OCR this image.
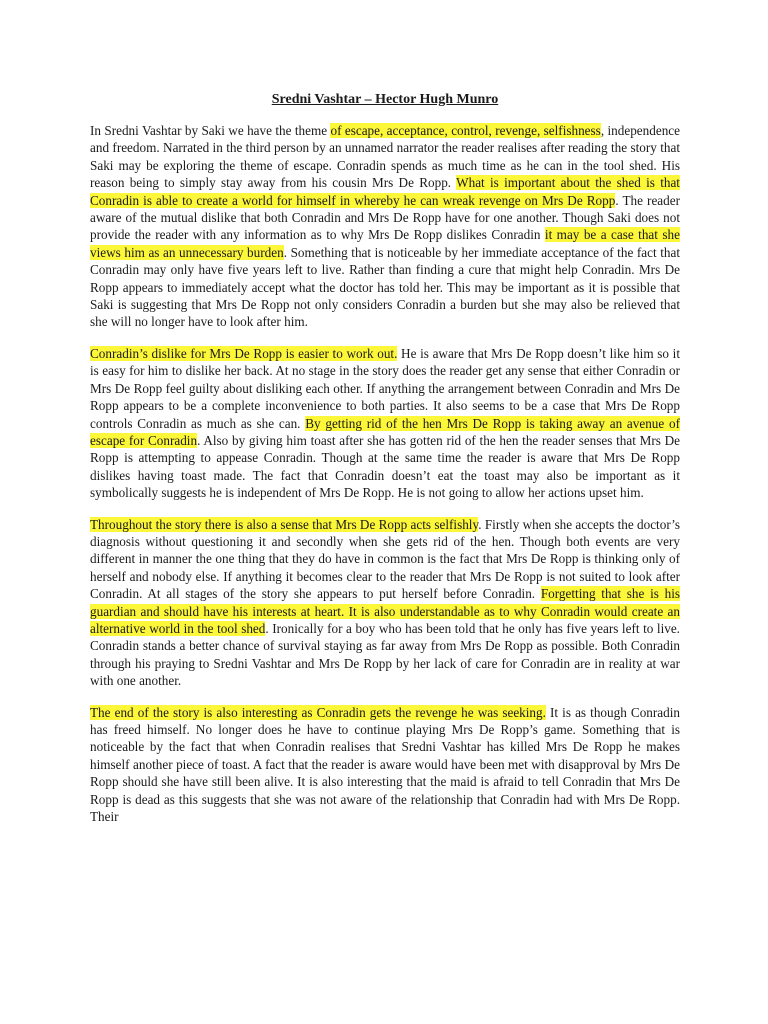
Sredni Vashtar – Hector Hugh Munro

In Sredni Vashtar by Saki we have the theme of escape, acceptance, control, revenge, selfishness, independence and freedom. Narrated in the third person by an unnamed narrator the reader realises after reading the story that Saki may be exploring the theme of escape. Conradin spends as much time as he can in the tool shed. His reason being to simply stay away from his cousin Mrs De Ropp. What is important about the shed is that Conradin is able to create a world for himself in whereby he can wreak revenge on Mrs De Ropp. The reader aware of the mutual dislike that both Conradin and Mrs De Ropp have for one another. Though Saki does not provide the reader with any information as to why Mrs De Ropp dislikes Conradin it may be a case that she views him as an unnecessary burden. Something that is noticeable by her immediate acceptance of the fact that Conradin may only have five years left to live. Rather than finding a cure that might help Conradin. Mrs De Ropp appears to immediately accept what the doctor has told her. This may be important as it is possible that Saki is suggesting that Mrs De Ropp not only considers Conradin a burden but she may also be relieved that she will no longer have to look after him.

Conradin’s dislike for Mrs De Ropp is easier to work out. He is aware that Mrs De Ropp doesn’t like him so it is easy for him to dislike her back. At no stage in the story does the reader get any sense that either Conradin or Mrs De Ropp feel guilty about disliking each other. If anything the arrangement between Conradin and Mrs De Ropp appears to be a complete inconvenience to both parties. It also seems to be a case that Mrs De Ropp controls Conradin as much as she can. By getting rid of the hen Mrs De Ropp is taking away an avenue of escape for Conradin. Also by giving him toast after she has gotten rid of the hen the reader senses that Mrs De Ropp is attempting to appease Conradin. Though at the same time the reader is aware that Mrs De Ropp dislikes having toast made. The fact that Conradin doesn’t eat the toast may also be important as it symbolically suggests he is independent of Mrs De Ropp. He is not going to allow her actions upset him.

Throughout the story there is also a sense that Mrs De Ropp acts selfishly. Firstly when she accepts the doctor’s diagnosis without questioning it and secondly when she gets rid of the hen. Though both events are very different in manner the one thing that they do have in common is the fact that Mrs De Ropp is thinking only of herself and nobody else. If anything it becomes clear to the reader that Mrs De Ropp is not suited to look after Conradin. At all stages of the story she appears to put herself before Conradin. Forgetting that she is his guardian and should have his interests at heart. It is also understandable as to why Conradin would create an alternative world in the tool shed. Ironically for a boy who has been told that he only has five years left to live. Conradin stands a better chance of survival staying as far away from Mrs De Ropp as possible. Both Conradin through his praying to Sredni Vashtar and Mrs De Ropp by her lack of care for Conradin are in reality at war with one another.

The end of the story is also interesting as Conradin gets the revenge he was seeking. It is as though Conradin has freed himself. No longer does he have to continue playing Mrs De Ropp’s game. Something that is noticeable by the fact that when Conradin realises that Sredni Vashtar has killed Mrs De Ropp he makes himself another piece of toast. A fact that the reader is aware would have been met with disapproval by Mrs De Ropp should she have still been alive. It is also interesting that the maid is afraid to tell Conradin that Mrs De Ropp is dead as this suggests that she was not aware of the relationship that Conradin had with Mrs De Ropp. Their
